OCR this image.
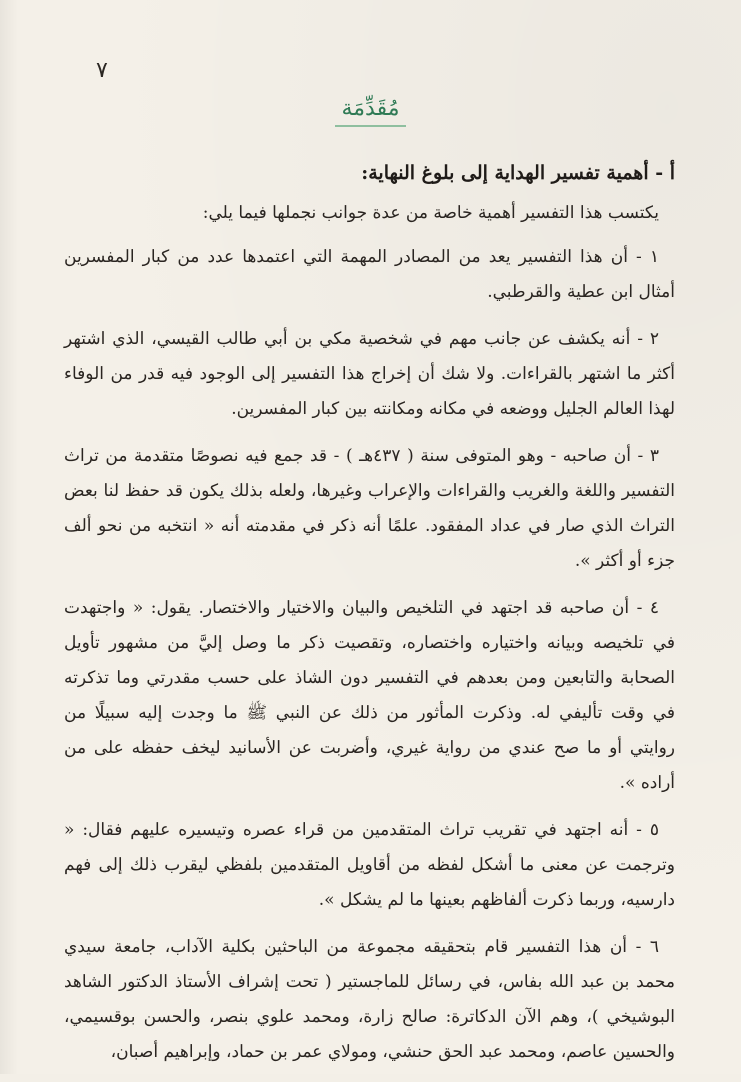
٧
مُقَدِّمَة
أ - أهمية تفسير الهداية إلى بلوغ النهاية:

يكتسب هذا التفسير أهمية خاصة من عدة جوانب نجملها فيما يلي:

١ - أن هذا التفسير يعد من المصادر المهمة التي اعتمدها عدد من كبار المفسرين أمثال ابن عطية والقرطبي.

٢ - أنه يكشف عن جانب مهم في شخصية مكي بن أبي طالب القيسي، الذي اشتهر أكثر ما اشتهر بالقراءات. ولا شك أن إخراج هذا التفسير إلى الوجود فيه قدر من الوفاء لهذا العالم الجليل ووضعه في مكانه ومكانته بين كبار المفسرين.

٣ - أن صاحبه - وهو المتوفى سنة ( ٤٣٧هـ ) - قد جمع فيه نصوصًا متقدمة من تراث التفسير واللغة والغريب والقراءات والإعراب وغيرها، ولعله بذلك يكون قد حفظ لنا بعض التراث الذي صار في عداد المفقود. علمًا أنه ذكر في مقدمته أنه « انتخبه من نحو ألف جزء أو أكثر ».

٤ - أن صاحبه قد اجتهد في التلخيص والبيان والاختيار والاختصار. يقول: « واجتهدت في تلخيصه وبيانه واختياره واختصاره، وتقصيت ذكر ما وصل إليَّ من مشهور تأويل الصحابة والتابعين ومن بعدهم في التفسير دون الشاذ على حسب مقدرتي وما تذكرته في وقت تأليفي له. وذكرت المأثور من ذلك عن النبي ﷺ ما وجدت إليه سبيلًا من روايتي أو ما صح عندي من رواية غيري، وأضربت عن الأسانيد ليخف حفظه على من أراده ».

٥ - أنه اجتهد في تقريب تراث المتقدمين من قراء عصره وتيسيره عليهم فقال: « وترجمت عن معنى ما أشكل لفظه من أقاويل المتقدمين بلفظي ليقرب ذلك إلى فهم دارسيه، وربما ذكرت ألفاظهم بعينها ما لم يشكل ».

٦ - أن هذا التفسير قام بتحقيقه مجموعة من الباحثين بكلية الآداب، جامعة سيدي محمد بن عبد الله بفاس، في رسائل للماجستير ( تحت إشراف الأستاذ الدكتور الشاهد البوشيخي )، وهم الآن الدكاترة: صالح زارة، ومحمد علوي بنصر، والحسن بوقسيمي، والحسين عاصم، ومحمد عبد الحق حنشي، ومولاي عمر بن حماد، وإبراهيم أصبان،
